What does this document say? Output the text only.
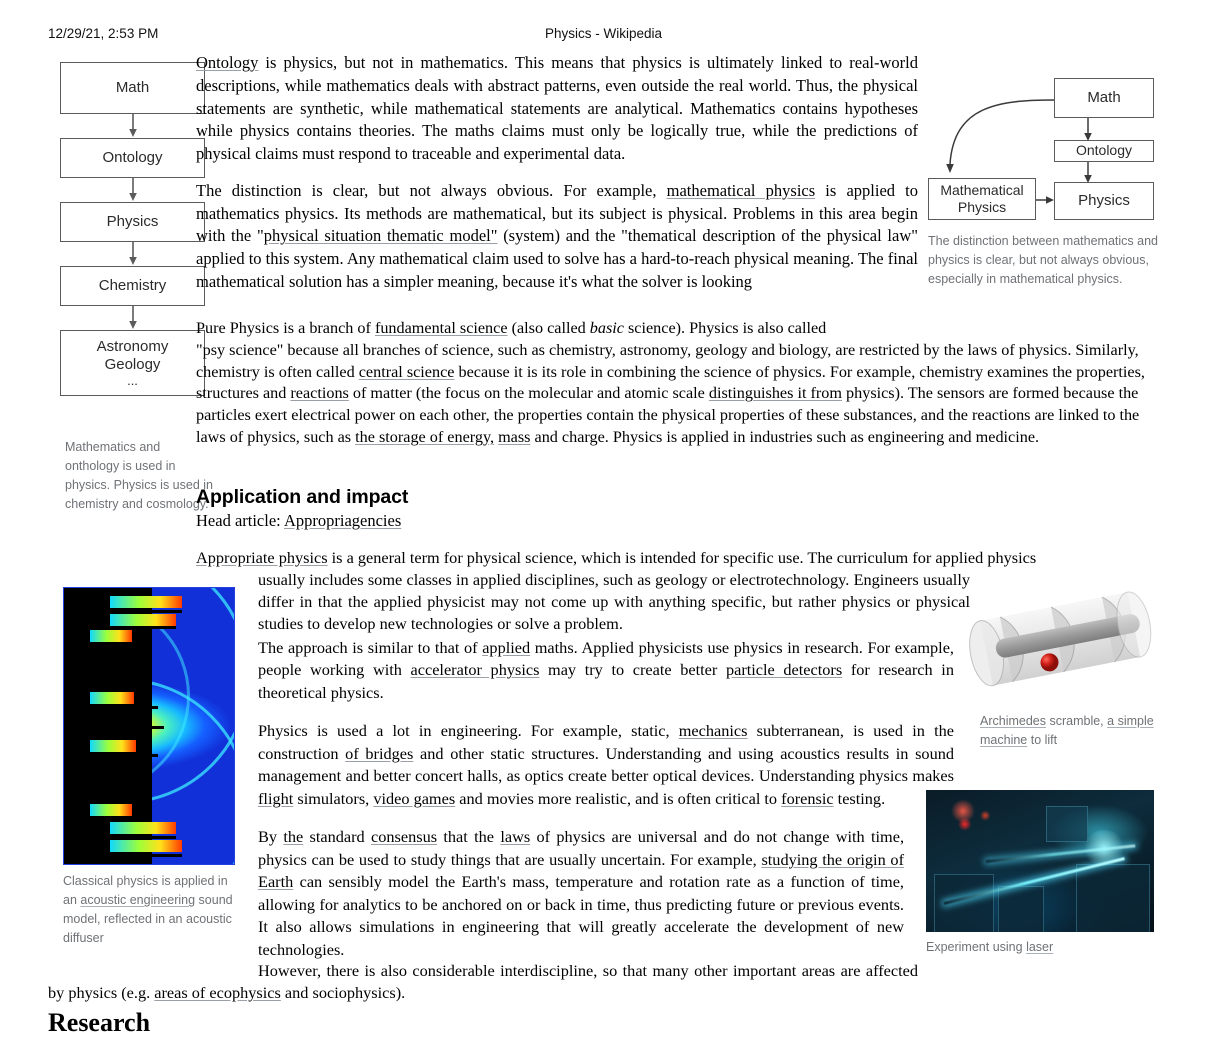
12/29/21, 2:53 PM	Physics - Wikipedia
Math
Ontology
Physics
Chemistry
Astronomy
Geology
...
Mathematics and onthology is used in physics. Physics is used in chemistry and cosmology.
Math
Ontology
Physics
Mathematical
Physics
The distinction between mathematics and physics is clear, but not always obvious, especially in mathematical physics.

Ontology is physics, but not in mathematics. This means that physics is ultimately linked to real-world descriptions, while mathematics deals with abstract patterns, even outside the real world. Thus, the physical statements are synthetic, while mathematical statements are analytical. Mathematics contains hypotheses while physics contains theories. The maths claims must only be logically true, while the predictions of physical claims must respond to traceable and experimental data.

The distinction is clear, but not always obvious. For example, mathematical physics is applied to mathematics physics. Its methods are mathematical, but its subject is physical. Problems in this area begin with the "physical situation thematic model" (system) and the "thematical description of the physical law" applied to this system. Any mathematical claim used to solve has a hard-to-reach physical meaning. The final mathematical solution has a simpler meaning, because it's what the solver is looking

Pure Physics is a branch of fundamental science (also called basic science). Physics is also called
"psy science" because all branches of science, such as chemistry, astronomy, geology and biology, are restricted by the laws of physics. Similarly, chemistry is often called central science because it is its role in combining the science of physics. For example, chemistry examines the properties, structures and reactions of matter (the focus on the molecular and atomic scale distinguishes it from physics). The sensors are formed because the particles exert electrical power on each other, the properties contain the physical properties of these substances, and the reactions are linked to the laws of physics, such as the storage of energy, mass and charge. Physics is applied in industries such as engineering and medicine.
Application and impact
Head article: Appropriagencies
Appropriate physics is a general term for physical science, which is intended for specific use. The curriculum for applied physics
usually includes some classes in applied disciplines, such as geology or electrotechnology. Engineers usually differ in that the applied physicist may not come up with anything specific, but rather physics or physical studies to develop new technologies or solve a problem.
Classical physics is applied in an acoustic engineering sound model, reflected in an acoustic diffuser
Archimedes scramble, a simple machine to lift

The approach is similar to that of applied maths. Applied physicists use physics in research. For example, people working with accelerator physics may try to create better particle detectors for research in theoretical physics.

Physics is used a lot in engineering. For example, static, mechanics subterranean, is used in the construction of bridges and other static structures. Understanding and using acoustics results in sound management and better concert halls, as optics create better optical devices. Understanding physics makes flight simulators, video games and movies more realistic, and is often critical to forensic testing.

By the standard consensus that the laws of physics are universal and do not change with time, physics can be used to study things that are usually uncertain. For example, studying the origin of Earth can sensibly model the Earth's mass, temperature and rotation rate as a function of time, allowing for analytics to be anchored on or back in time, thus predicting future or previous events. It also allows simulations in engineering that will greatly accelerate the development of new technologies.	Experiment using laser
However, there is also considerable interdiscipline, so that many other important areas are affected by physics (e.g. areas of ecophysics and sociophysics).
Research
